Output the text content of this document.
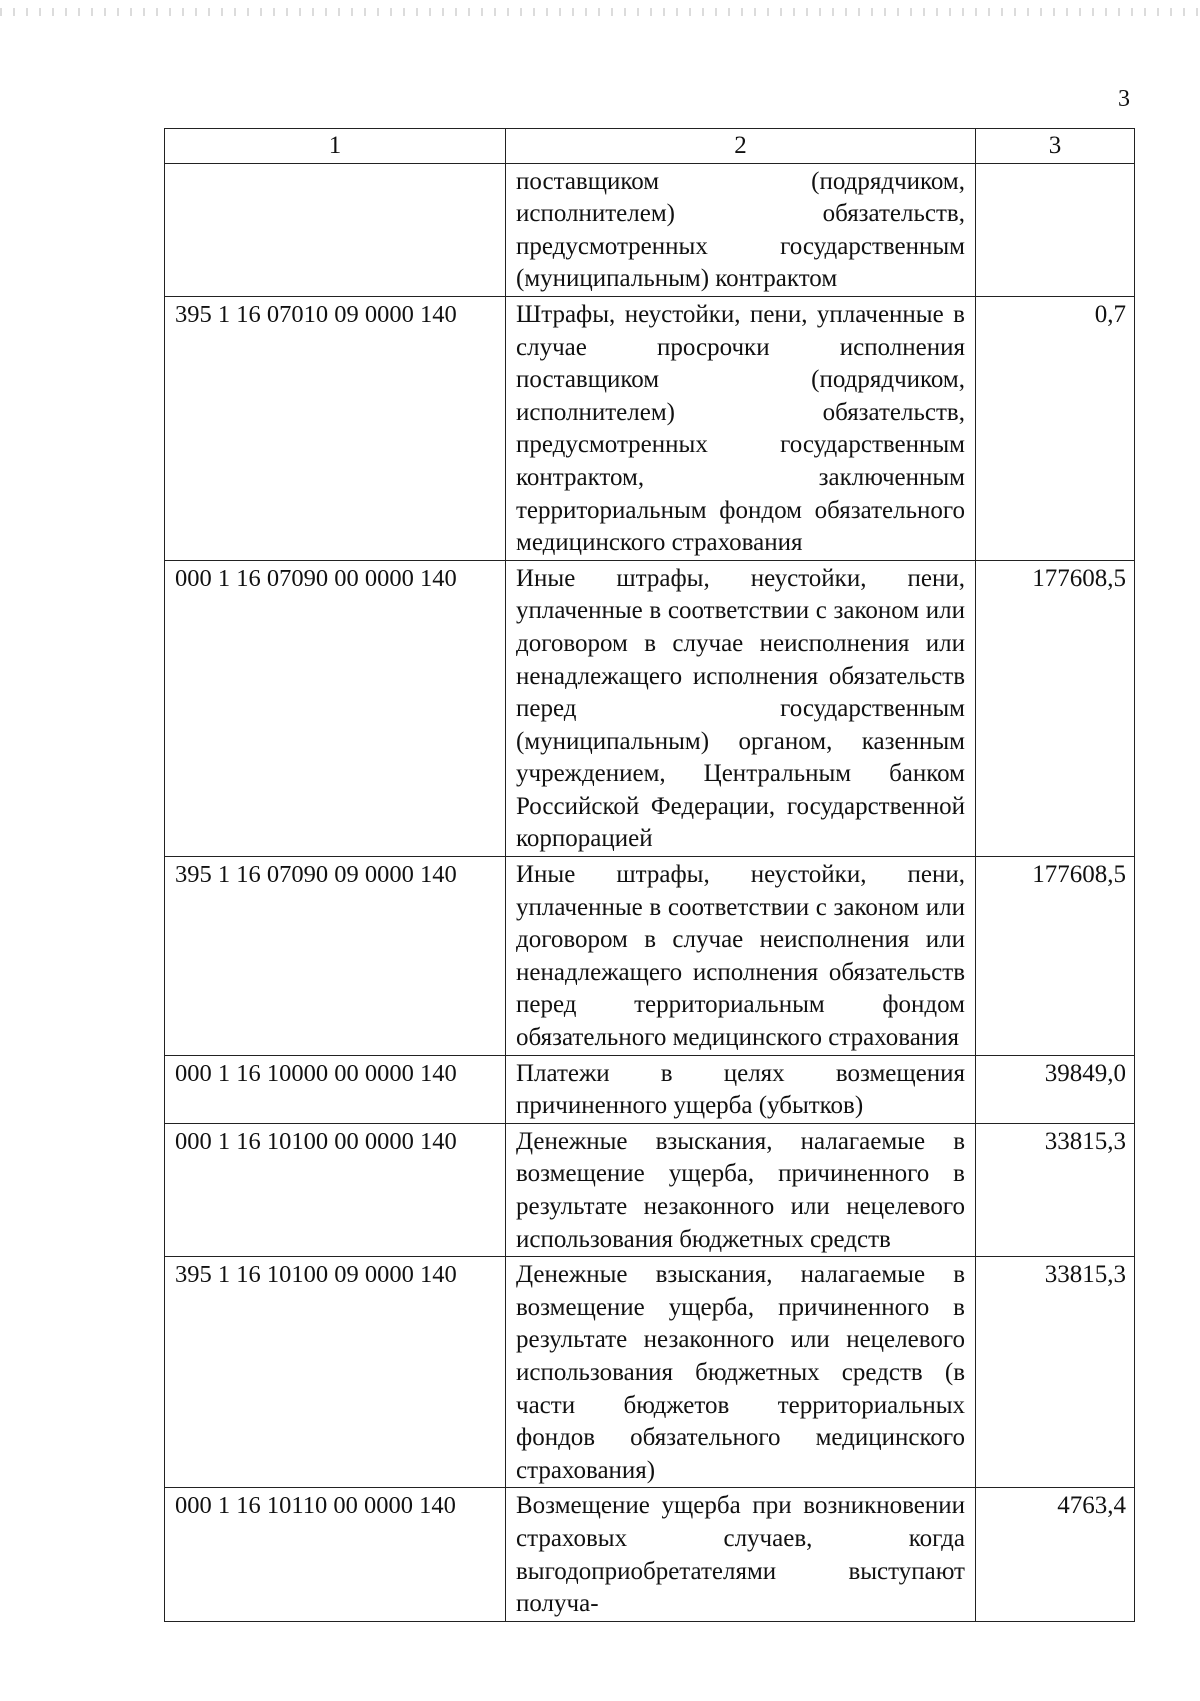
3
1	2	3
	поставщиком (подрядчиком, исполнителем) обязательств, предусмотренных государственным (муниципальным) контрактом	
395 1 16 07010 09 0000 140	Штрафы, неустойки, пени, уплаченные в случае просрочки исполнения поставщиком (подрядчиком, исполнителем) обязательств, предусмотренных государственным контрактом, заключенным территориальным фондом обязательного медицинского страхования	0,7
000 1 16 07090 00 0000 140	Иные штрафы, неустойки, пени, уплаченные в соответствии с законом или договором в случае неисполнения или ненадлежащего исполнения обязательств перед государственным (муниципальным) органом, казенным учреждением, Центральным банком Российской Федерации, государственной корпорацией	177608,5
395 1 16 07090 09 0000 140	Иные штрафы, неустойки, пени, уплаченные в соответствии с законом или договором в случае неисполнения или ненадлежащего исполнения обязательств перед территориальным фондом обязательного медицинского страхования	177608,5
000 1 16 10000 00 0000 140	Платежи в целях возмещения причиненного ущерба (убытков)	39849,0
000 1 16 10100 00 0000 140	Денежные взыскания, налагаемые в возмещение ущерба, причиненного в результате незаконного или нецелевого использования бюджетных средств	33815,3
395 1 16 10100 09 0000 140	Денежные взыскания, налагаемые в возмещение ущерба, причиненного в результате незаконного или нецелевого использования бюджетных средств (в части бюджетов территориальных фондов обязательного медицинского страхования)	33815,3
000 1 16 10110 00 0000 140	Возмещение ущерба при возникновении страховых случаев, когда выгодоприобретателями выступают получа-	4763,4
